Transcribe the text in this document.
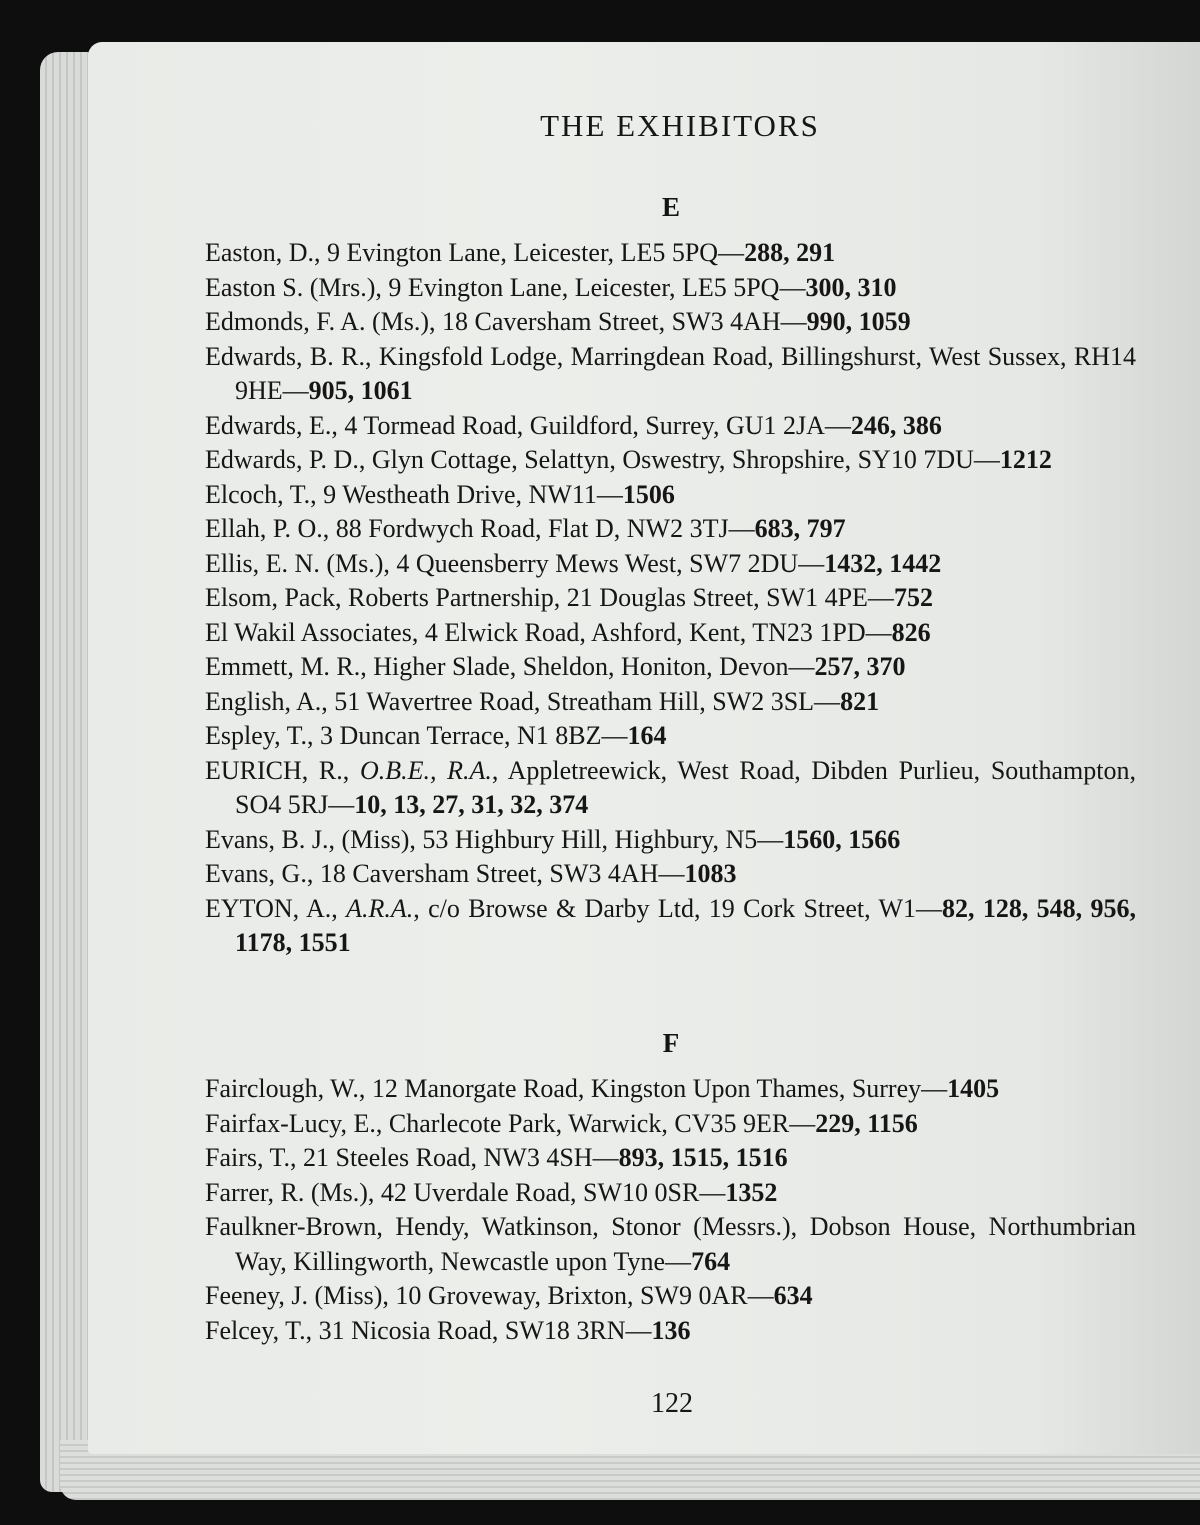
THE EXHIBITORS
E
Easton, D., 9 Evington Lane, Leicester, LE5 5PQ—288, 291
Easton S. (Mrs.), 9 Evington Lane, Leicester, LE5 5PQ—300, 310
Edmonds, F. A. (Ms.), 18 Caversham Street, SW3 4AH—990, 1059
Edwards, B. R., Kingsfold Lodge, Marringdean Road, Billingshurst, West Sussex, RH14 9HE—905, 1061
Edwards, E., 4 Tormead Road, Guildford, Surrey, GU1 2JA—246, 386
Edwards, P. D., Glyn Cottage, Selattyn, Oswestry, Shropshire, SY10 7DU—1212
Elcoch, T., 9 Westheath Drive, NW11—1506
Ellah, P. O., 88 Fordwych Road, Flat D, NW2 3TJ—683, 797
Ellis, E. N. (Ms.), 4 Queensberry Mews West, SW7 2DU—1432, 1442
Elsom, Pack, Roberts Partnership, 21 Douglas Street, SW1 4PE—752
El Wakil Associates, 4 Elwick Road, Ashford, Kent, TN23 1PD—826
Emmett, M. R., Higher Slade, Sheldon, Honiton, Devon—257, 370
English, A., 51 Wavertree Road, Streatham Hill, SW2 3SL—821
Espley, T., 3 Duncan Terrace, N1 8BZ—164
EURICH, R., O.B.E., R.A., Appletreewick, West Road, Dibden Purlieu, Southampton, SO4 5RJ—10, 13, 27, 31, 32, 374
Evans, B. J., (Miss), 53 Highbury Hill, Highbury, N5—1560, 1566
Evans, G., 18 Caversham Street, SW3 4AH—1083
EYTON, A., A.R.A., c/o Browse & Darby Ltd, 19 Cork Street, W1—82, 128, 548, 956, 1178, 1551
F
Fairclough, W., 12 Manorgate Road, Kingston Upon Thames, Surrey—1405
Fairfax-Lucy, E., Charlecote Park, Warwick, CV35 9ER—229, 1156
Fairs, T., 21 Steeles Road, NW3 4SH—893, 1515, 1516
Farrer, R. (Ms.), 42 Uverdale Road, SW10 0SR—1352
Faulkner-Brown, Hendy, Watkinson, Stonor (Messrs.), Dobson House, Northumbrian Way, Killingworth, Newcastle upon Tyne—764
Feeney, J. (Miss), 10 Groveway, Brixton, SW9 0AR—634
Felcey, T., 31 Nicosia Road, SW18 3RN—136
122
